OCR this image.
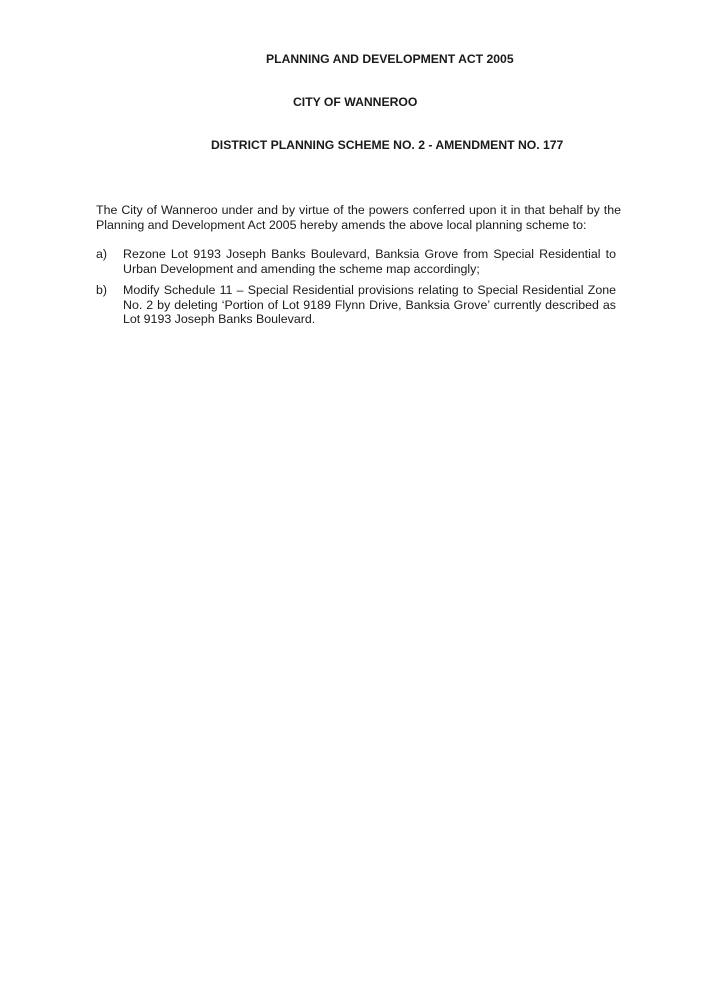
PLANNING AND DEVELOPMENT ACT 2005
CITY OF WANNEROO
DISTRICT PLANNING SCHEME NO. 2 - AMENDMENT NO. 177
The City of Wanneroo under and by virtue of the powers conferred upon it in that behalf by the Planning and Development Act 2005 hereby amends the above local planning scheme to:
a) Rezone Lot 9193 Joseph Banks Boulevard, Banksia Grove from Special Residential to Urban Development and amending the scheme map accordingly;
b) Modify Schedule 11 – Special Residential provisions relating to Special Residential Zone No. 2 by deleting ‘Portion of Lot 9189 Flynn Drive, Banksia Grove’ currently described as Lot 9193 Joseph Banks Boulevard.
